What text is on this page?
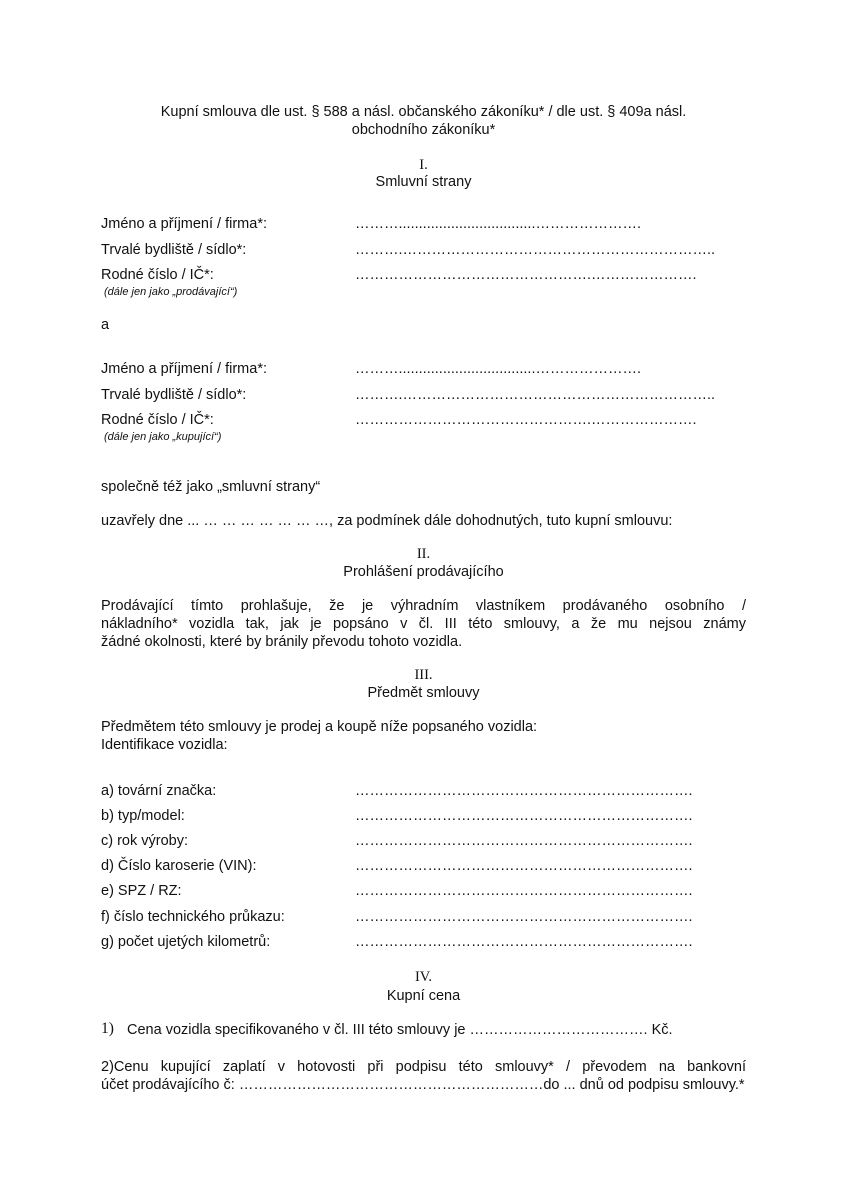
Kupní smlouva dle ust. § 588 a násl. občanského zákoníku* / dle ust. § 409a násl.
obchodního zákoníku*
I.
Smluvní strany
Jméno a příjmení / firma*:	………..................................………………….
Trvalé bydliště / sídlo*:	……….………………………………………………………..
Rodné číslo / IČ*:	………………………………………….………………….
(dále jen jako „prodávající“)
a
Jméno a příjmení / firma*:	………..................................………………….
Trvalé bydliště / sídlo*:	……….………………………………………………………..
Rodné číslo / IČ*:	………………………………………….………………….
(dále jen jako „kupující“)
společně též jako „smluvní strany“
uzavřely dne ... … … … … … … …, za podmínek dále dohodnutých, tuto kupní smlouvu:
II.
Prohlášení prodávajícího
Prodávající tímto prohlašuje, že je výhradním vlastníkem prodávaného osobního /
nákladního* vozidla tak, jak je popsáno v čl. III této smlouvy, a že mu nejsou známy
žádné okolnosti, které by bránily převodu tohoto vozidla.
III.
Předmět smlouvy
Předmětem této smlouvy je prodej a koupě níže popsaného vozidla:
Identifikace vozidla:
a) tovární značka:	…………………………………………………………….
b) typ/model:	…………………………………………………………….
c) rok výroby:	…………………………………………………………….
d) Číslo karoserie (VIN):	…………………………………………………………….
e) SPZ / RZ:	…………………………………………………………….
f) číslo technického průkazu:	…………………………………………………………….
g) počet ujetých kilometrů:	…………………………………………………………….
IV.
Kupní cena
1) Cena vozidla specifikovaného v čl. III této smlouvy je ………………………………. Kč.
2)Cenu kupující zaplatí v hotovosti při podpisu této smlouvy* / převodem na bankovní
účet prodávajícího č: ………………………………………………………do ... dnů od podpisu smlouvy.*
